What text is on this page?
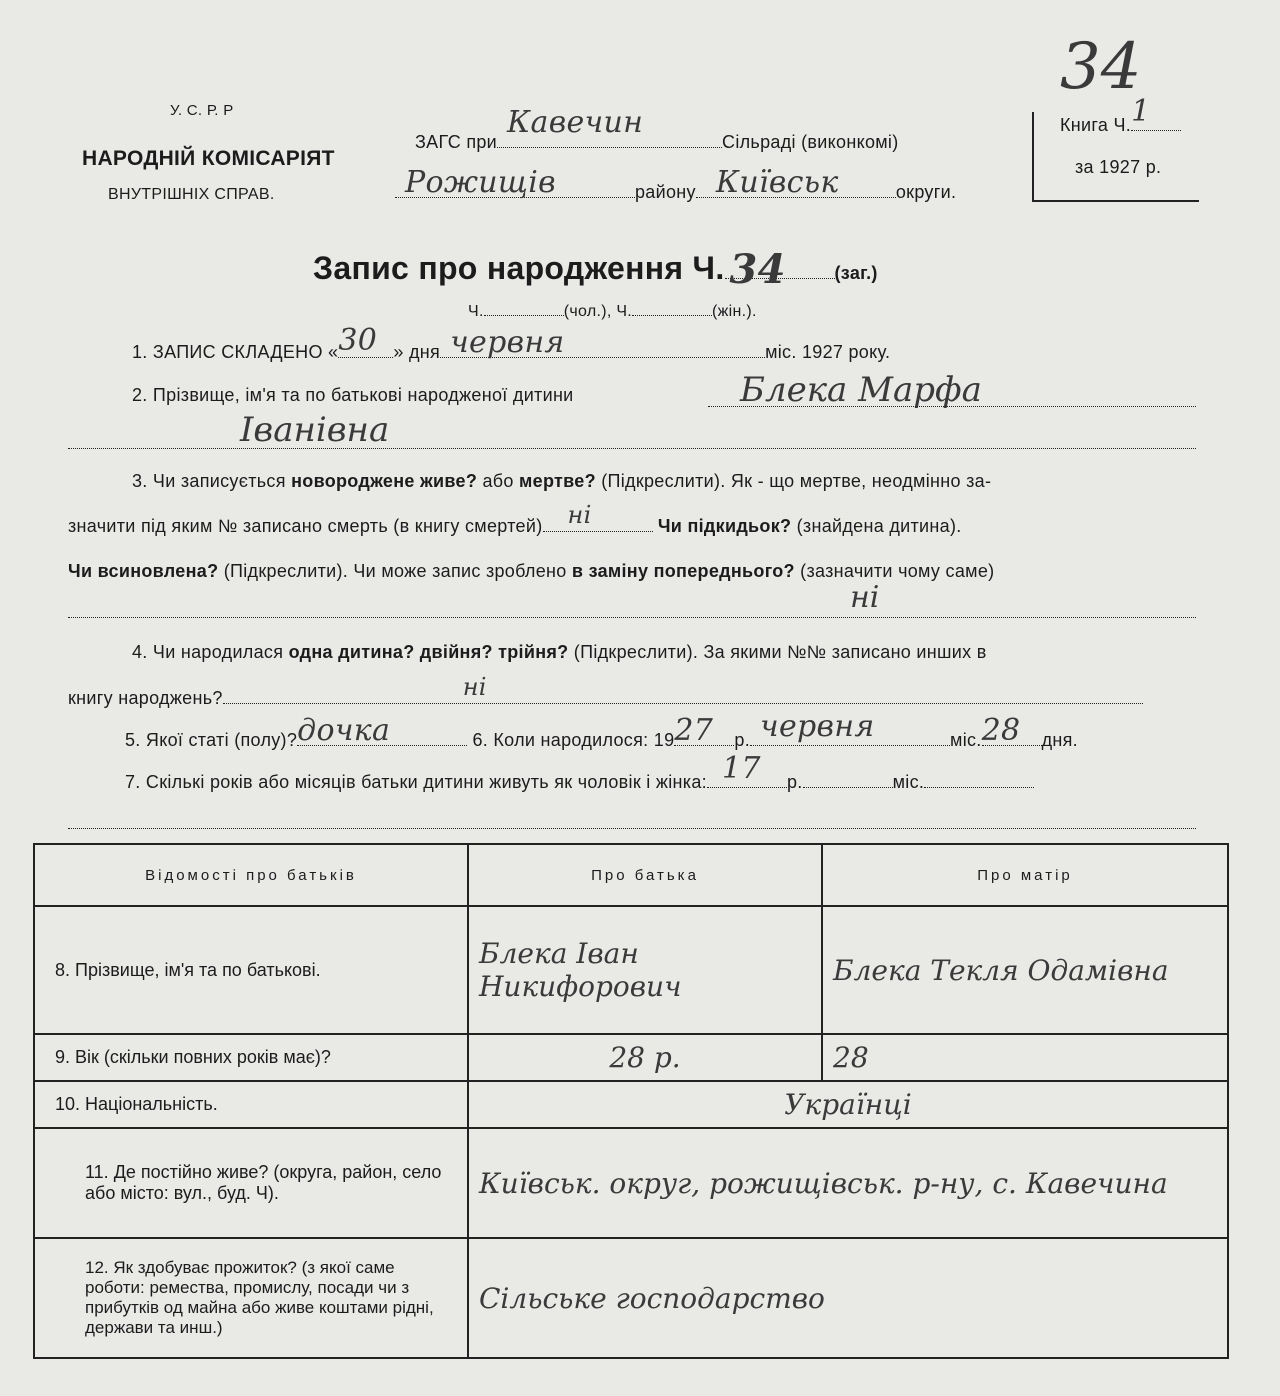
34
У. С. Р. Р
НАРОДНІЙ КОМІСАРІЯТ
ВНУТРІШНІХ СПРАВ.
ЗАГС при
Кавечин
Сільраді (виконкомі)
Рожищів	району Київськ	округи.
Книга Ч. 1
за 1927 р.
Запис про народження Ч. 34	(заг.)
Ч.	(чол.), Ч.	(жін.).
1. ЗАПИС СКЛАДЕНО « 30 » дня червня	міс. 1927 року.
2. Прізвище, ім'я та по батькові народженої дитини	Блека Марфа
Іванівна
3. Чи записується новороджене живе? або мертве? (Підкреслити). Як - що мертве, неодмінно за-
значити під яким № записано смерть (в книгу смертей) ні	Чи підкидьок? (знайдена дитина).
Чи всиновлена? (Підкреслити). Чи може запис зроблено в заміну попереднього? (зазначити чому саме)
ні
4. Чи народилася одна дитина? двійня? трійня? (Підкреслити). За якими №№ записано инших в
книгу народжень?	ні
5. Якої статі (полу)? дочка	6. Коли народилося: 19 27 р. червня	міс. 28 дня.
7. Скількі років або місяців батьки дитини живуть як чоловік і жінка: 17 р.	міс.
Відомості про батьків	Про батька	Про матір
8. Прізвище, ім'я та по батькові.	Блека Іван Никифорович	Блека Текля Одамівна
9. Вік (скільки повних років має)?	28 р.	28
10. Національність.	Українці	
11. Де постійно живе? (округа, район, село або місто: вул., буд. Ч).	Київськ. округ, рожищівськ. р-ну, с. Кавечина	
12. Як здобуває прожиток? (з якої саме роботи: ремества, промислу, посади чи з прибутків од майна або живе коштами рідні, держави та инш.)	Сільське господарство	
